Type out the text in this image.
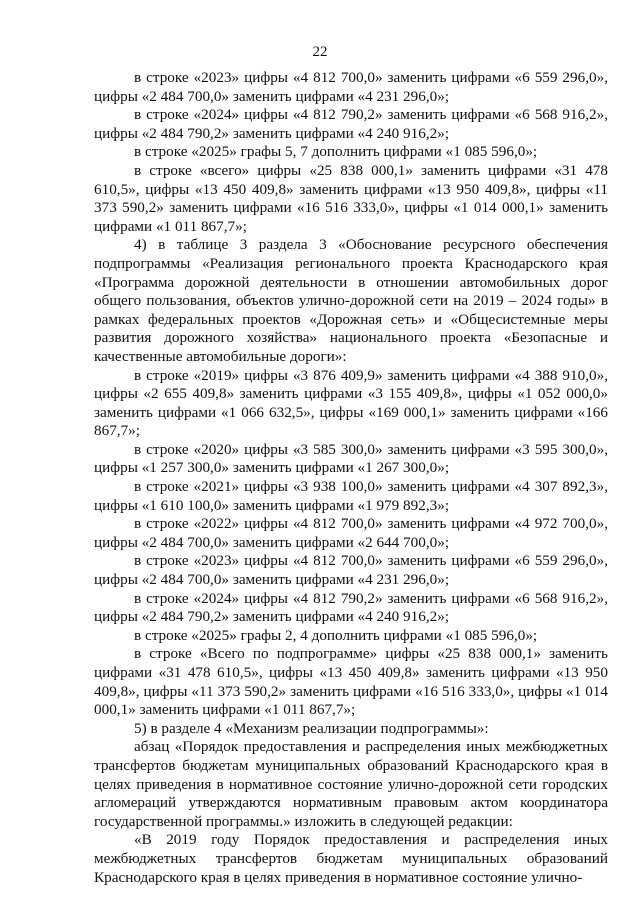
22

в строке «2023» цифры «4 812 700,0» заменить цифрами «6 559 296,0», цифры «2 484 700,0» заменить цифрами «4 231 296,0»;

в строке «2024» цифры «4 812 790,2» заменить цифрами «6 568 916,2», цифры «2 484 790,2» заменить цифрами «4 240 916,2»;

в строке «2025» графы 5, 7 дополнить цифрами «1 085 596,0»;

в строке «всего» цифры «25 838 000,1» заменить цифрами «31 478 610,5», цифры «13 450 409,8» заменить цифрами «13 950 409,8», цифры «11 373 590,2» заменить цифрами «16 516 333,0», цифры «1 014 000,1» заменить цифрами «1 011 867,7»;

4) в таблице 3 раздела 3 «Обоснование ресурсного обеспечения подпрограммы «Реализация регионального проекта Краснодарского края «Программа дорожной деятельности в отношении автомобильных дорог общего пользования, объектов улично-дорожной сети на 2019 – 2024 годы» в рамках федеральных проектов «Дорожная сеть» и «Общесистемные меры развития дорожного хозяйства» национального проекта «Безопасные и качественные автомобильные дороги»:

в строке «2019» цифры «3 876 409,9» заменить цифрами «4 388 910,0», цифры «2 655 409,8» заменить цифрами «3 155 409,8», цифры «1 052 000,0» заменить цифрами «1 066 632,5», цифры «169 000,1» заменить цифрами «166 867,7»;

в строке «2020» цифры «3 585 300,0» заменить цифрами «3 595 300,0», цифры «1 257 300,0» заменить цифрами «1 267 300,0»;

в строке «2021» цифры «3 938 100,0» заменить цифрами «4 307 892,3», цифры «1 610 100,0» заменить цифрами «1 979 892,3»;

в строке «2022» цифры «4 812 700,0» заменить цифрами «4 972 700,0», цифры «2 484 700,0» заменить цифрами «2 644 700,0»;

в строке «2023» цифры «4 812 700,0» заменить цифрами «6 559 296,0», цифры «2 484 700,0» заменить цифрами «4 231 296,0»;

в строке «2024» цифры «4 812 790,2» заменить цифрами «6 568 916,2», цифры «2 484 790,2» заменить цифрами «4 240 916,2»;

в строке «2025» графы 2, 4 дополнить цифрами «1 085 596,0»;

в строке «Всего по подпрограмме» цифры «25 838 000,1» заменить цифрами «31 478 610,5», цифры «13 450 409,8» заменить цифрами «13 950 409,8», цифры «11 373 590,2» заменить цифрами «16 516 333,0», цифры «1 014 000,1» заменить цифрами «1 011 867,7»;

5) в разделе 4 «Механизм реализации подпрограммы»:

абзац «Порядок предоставления и распределения иных межбюджетных трансфертов бюджетам муниципальных образований Краснодарского края в целях приведения в нормативное состояние улично-дорожной сети городских агломераций утверждаются нормативным правовым актом координатора государственной программы.» изложить в следующей редакции:

«В 2019 году Порядок предоставления и распределения иных межбюджетных трансфертов бюджетам муниципальных образований Краснодарского края в целях приведения в нормативное состояние улично-
